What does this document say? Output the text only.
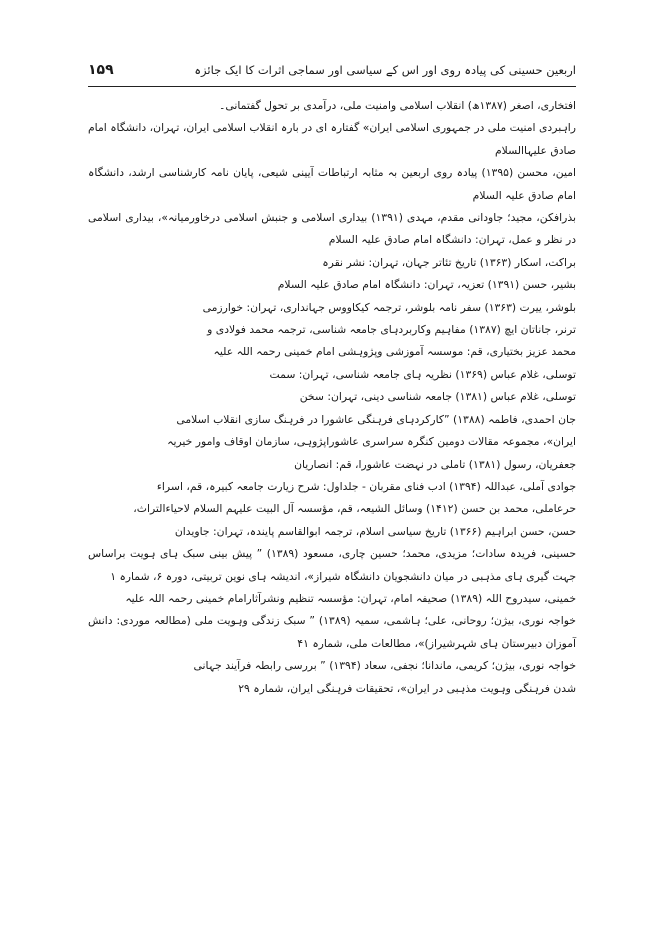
۱۵۹	اربعین حسینی کی پیادہ روی اور اس کے سیاسی اور سماجی اثرات کا ایک جائزہ
افتخاری، اصغر (۱۳۸۷ھ) انقلاب اسلامی وامنیت ملی، درآمدی بر تحول گفتمانی۔
راہبردی امنیت ملی در جمہوری اسلامی ایران» گفتارہ ای در بارہ انقلاب اسلامی ایران، تہران، دانشگاہ امام صادق علیہاالسلام
امین، محسن (۱۳۹۵) پیادہ روی اربعین بہ مثابہ ارتباطات آیینی شیعی، پایان نامہ کارشناسی ارشد، دانشگاہ امام صادق علیہ السلام
بذرافکن، مجید؛ جاودانی مقدم، مہدی (۱۳۹۱) بیداری اسلامی و جنبش اسلامی درخاورمیانہ»، بیداری اسلامی در نظر و عمل، تہران: دانشگاہ امام صادق علیہ السلام
براکت، اسکار (۱۳۶۳) تاریخ تئاتر جہان، تہران: نشر نقرہ
بشیر، حسن (۱۳۹۱) تعزیہ، تہران: دانشگاہ امام صادق علیہ السلام
بلوشر، ییرت (۱۳۶۳) سفر نامہ بلوشر، ترجمہ کیکاووس جہانداری، تہران: خوارزمی
ترنر، جاناتان ایچ (۱۳۸۷) مفاہیم وکاربردہای جامعہ شناسی، ترجمہ محمد فولادی و
محمد عزیز بختیاری، قم: موسسہ آموزشی وپژوہشی امام خمینی رحمہ اللہ علیہ
توسلی، غلام عباس (۱۳۶۹) نظریہ ہای جامعہ شناسی، تہران: سمت
توسلی، غلام عباس (۱۳۸۱) جامعہ شناسی دینی، تہران: سخن
جان احمدی، فاطمہ (۱۳۸۸) ”کارکردہای فرہنگی عاشورا در فرہنگ سازی انقلاب اسلامی
ایران»، مجموعہ مقالات دومین کنگرہ سراسری عاشوراپژوہی، سازمان اوقاف وامور خیریہ
جعفریان، رسول (۱۳۸۱) تاملی در نہضت عاشورا، قم: انصاریان
جوادی آملی، عبداللہ (۱۳۹۴) ادب فنای مقربان - جلداول: شرح زیارت جامعہ کبیرہ، قم، اسراء
حرعاملی، محمد بن حسن (۱۴۱۲) وسائل الشیعہ، قم، مؤسسہ آل البیت علیہم السلام لاحیاءالتراث،
حسن، حسن ابراہیم (۱۳۶۶) تاریخ سیاسی اسلام، ترجمہ ابوالقاسم پایندہ، تہران: جاویدان
حسینی، فریدہ سادات؛ مزیدی، محمد؛ حسین چاری، مسعود (۱۳۸۹) ” پیش بینی سبک ہای ہویت براساس جہت گیری ہای مذہبی در میان دانشجویان دانشگاہ شیراز»، اندیشہ ہای نوین تربیتی، دورہ ۶، شمارہ ۱
خمینی، سیدروح اللہ (۱۳۸۹) صحیفہ امام، تہران: مؤسسہ تنظیم ونشرآثارامام خمینی رحمہ اللہ علیہ
خواجہ نوری، بیژن؛ روحانی، علی؛ ہاشمی، سمیہ (۱۳۸۹) ” سبک زندگی وہویت ملی (مطالعہ موردی: دانش آموزان دبیرستان ہای شہرشیراز)»، مطالعات ملی، شمارہ ۴۱
خواجہ نوری، بیژن؛ کریمی، ماندانا؛ نجفی، سعاد (۱۳۹۴) ” بررسی رابطہ فرآیند جہانی
شدن فرہنگی وہویت مذہبی در ایران»، تحقیقات فرہنگی ایران، شمارہ ۲۹
